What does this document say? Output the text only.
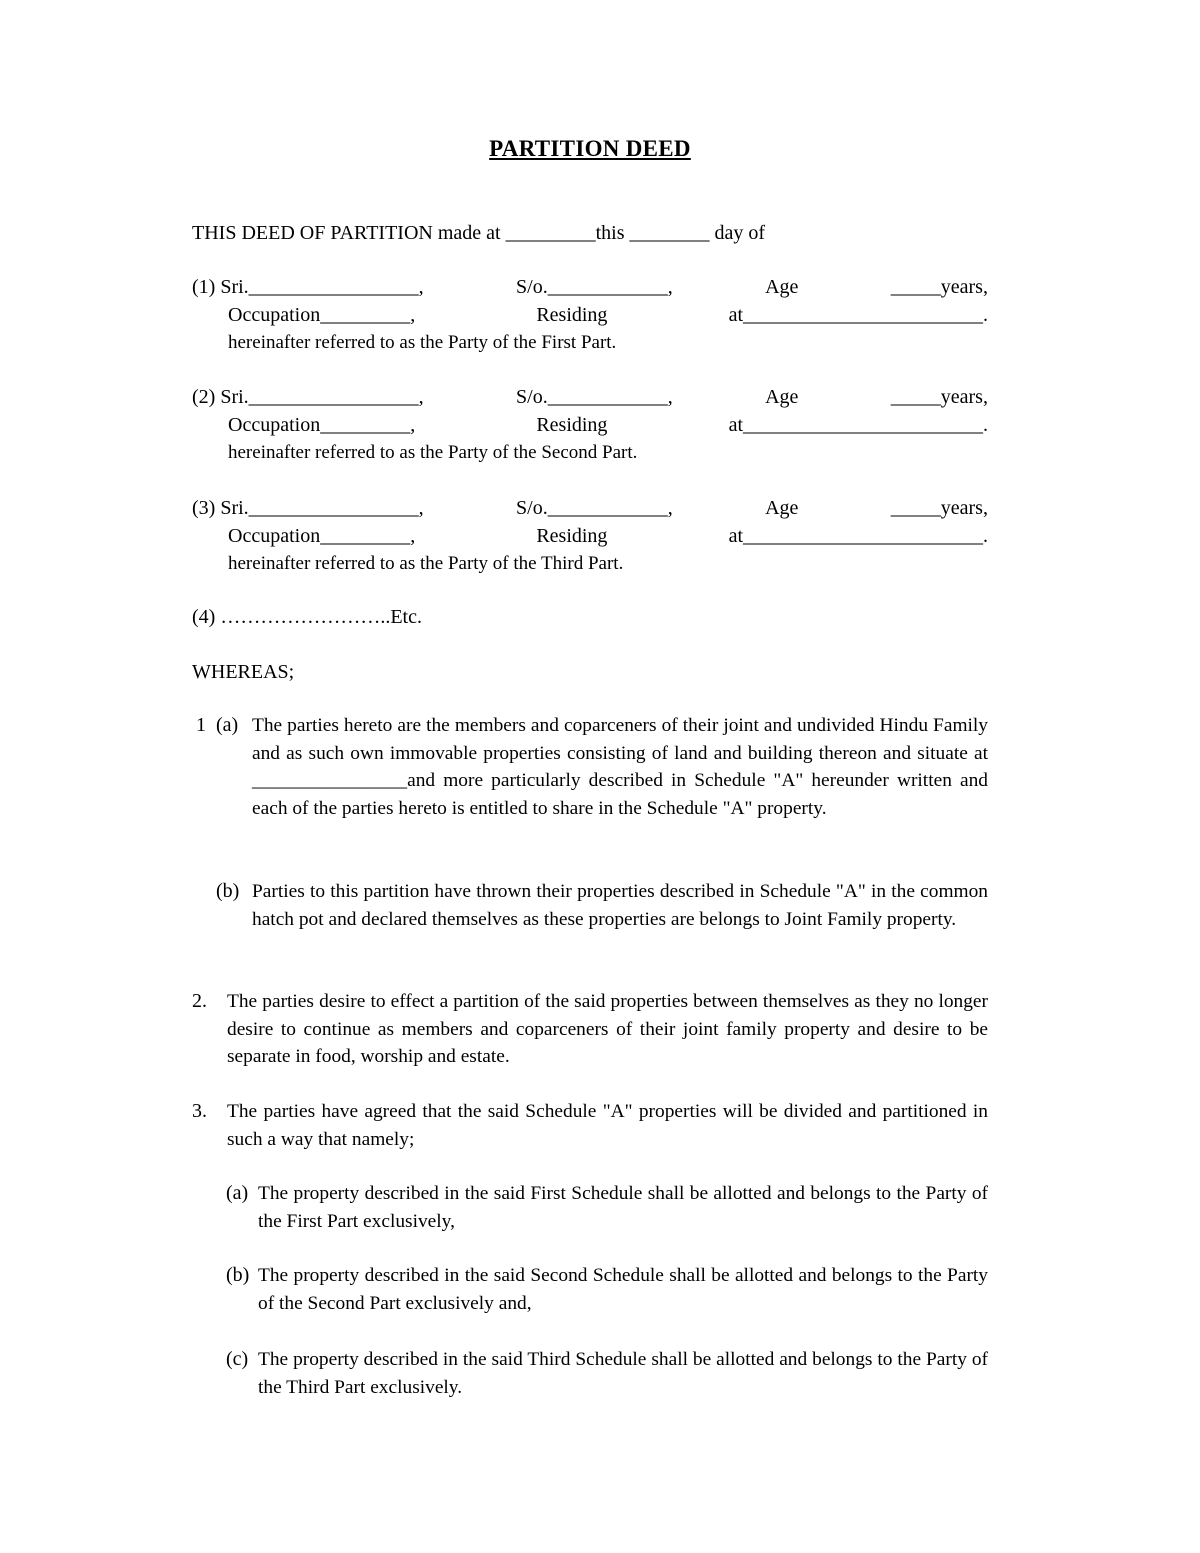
PARTITION DEED
THIS DEED OF PARTITION made at _________this ________ day of
(1) Sri._________________,	S/o.____________,	Age	_____years,
Occupation_________,	Residing	at________________________.
hereinafter referred to as the Party of the First Part.
(2) Sri._________________,	S/o.____________,	Age	_____years,
Occupation_________,	Residing	at________________________.
hereinafter referred to as the Party of the Second Part.
(3) Sri._________________,	S/o.____________,	Age	_____years,
Occupation_________,	Residing	at________________________.
hereinafter referred to as the Party of the Third Part.
(4) ……………………..Etc.
WHEREAS;
1 (a) The parties hereto are the members and coparceners of their joint and undivided Hindu Family and as such own immovable properties consisting of land and building thereon and situate at ________________and more particularly described in Schedule "A" hereunder written and each of the parties hereto is entitled to share in the Schedule "A" property.
(b) Parties to this partition have thrown their properties described in Schedule "A" in the common hatch pot and declared themselves as these properties are belongs to Joint Family property.
2. The parties desire to effect a partition of the said properties between themselves as they no longer desire to continue as members and coparceners of their joint family property and desire to be separate in food, worship and estate.
3. The parties have agreed that the said Schedule "A" properties will be divided and partitioned in such a way that namely;
(a) The property described in the said First Schedule shall be allotted and belongs to the Party of the First Part exclusively,
(b) The property described in the said Second Schedule shall be allotted and belongs to the Party of the Second Part exclusively and,
(c) The property described in the said Third Schedule shall be allotted and belongs to the Party of the Third Part exclusively.
